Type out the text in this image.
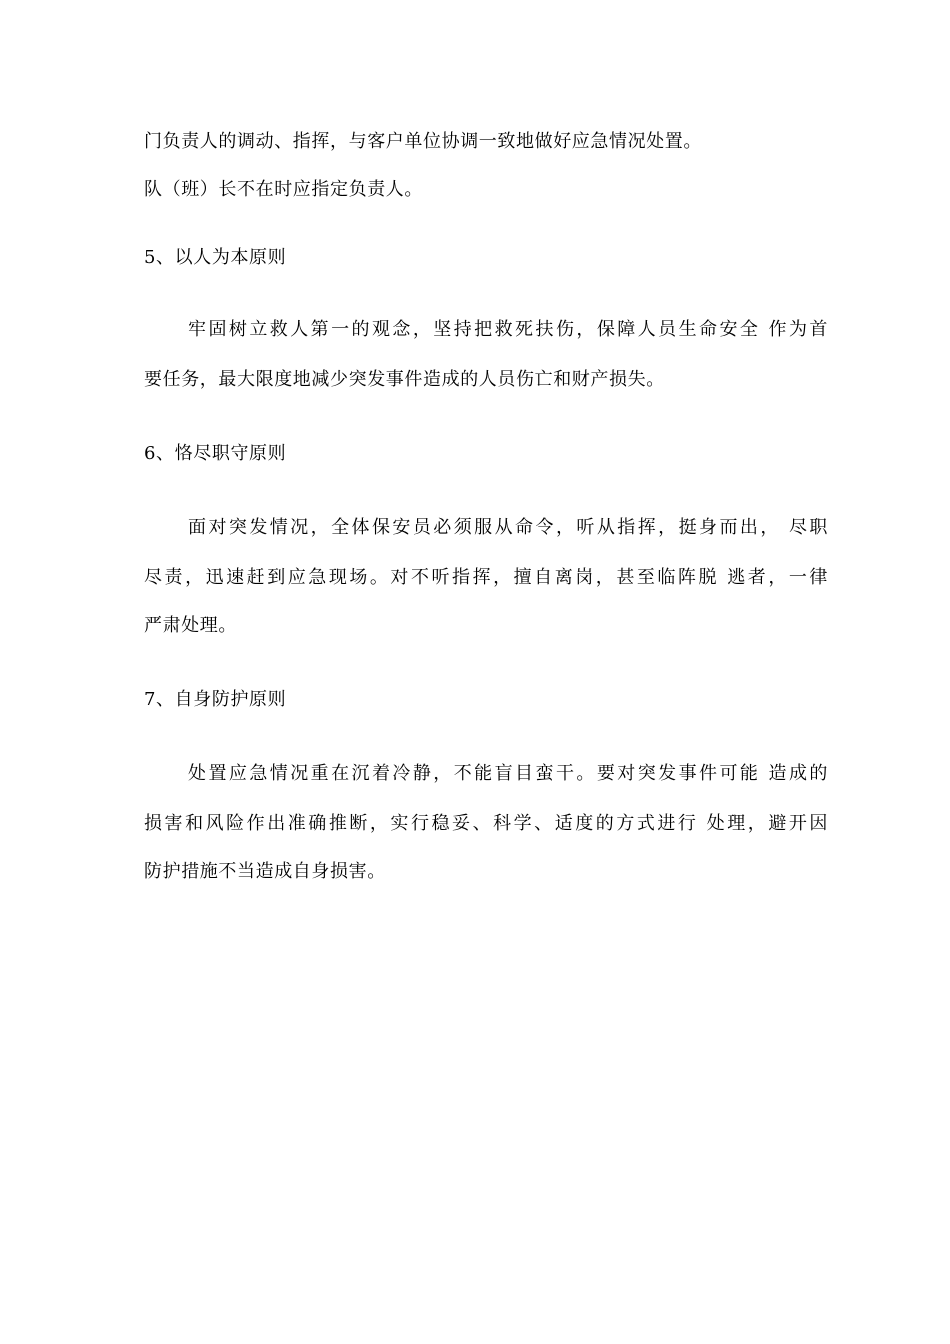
门负责人的调动、指挥，与客户单位协调一致地做好应急情况处置。
队（班）长不在时应指定负责人。
5、以人为本原则
牢固树立救人第一的观念，坚持把救死扶伤，保障人员生命安全 作为首
要任务，最大限度地减少突发事件造成的人员伤亡和财产损失。
6、恪尽职守原则
面对突发情况，全体保安员必须服从命令，听从指挥，挺身而出， 尽职
尽责，迅速赶到应急现场。对不听指挥，擅自离岗，甚至临阵脱 逃者，一律
严肃处理。
7、自身防护原则
处置应急情况重在沉着冷静，不能盲目蛮干。要对突发事件可能 造成的
损害和风险作出准确推断，实行稳妥、科学、适度的方式进行 处理，避开因
防护措施不当造成自身损害。
